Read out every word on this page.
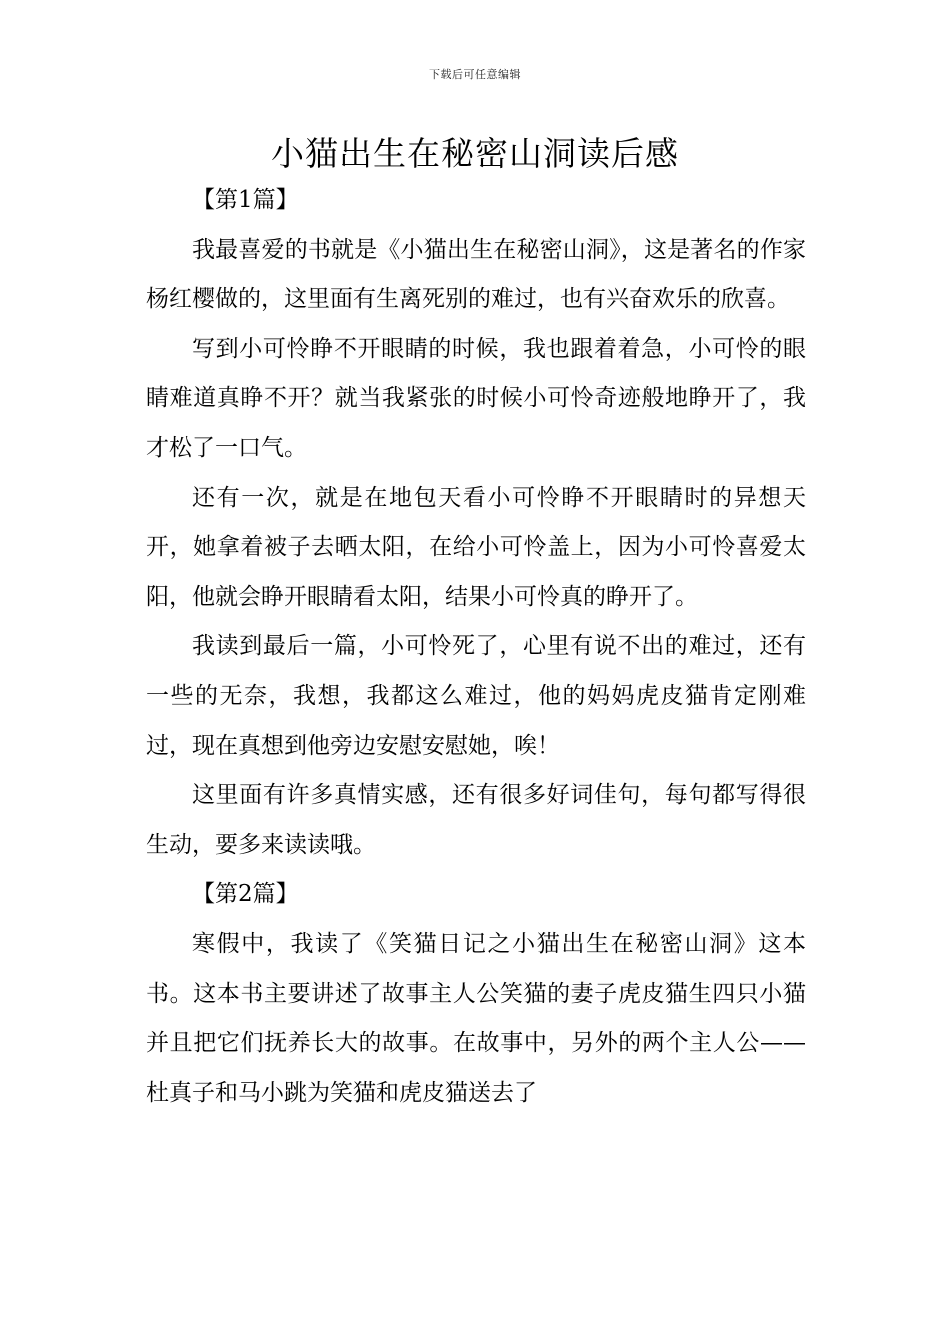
下载后可任意编辑
小猫出生在秘密山洞读后感

【第1篇】

我最喜爱的书就是《小猫出生在秘密山洞》，这是著名的作家杨红樱做的，这里面有生离死别的难过，也有兴奋欢乐的欣喜。

写到小可怜睁不开眼睛的时候，我也跟着着急，小可怜的眼睛难道真睁不开？就当我紧张的时候小可怜奇迹般地睁开了，我才松了一口气。

还有一次，就是在地包天看小可怜睁不开眼睛时的异想天开，她拿着被子去晒太阳，在给小可怜盖上，因为小可怜喜爱太阳，他就会睁开眼睛看太阳，结果小可怜真的睁开了。

我读到最后一篇，小可怜死了，心里有说不出的难过，还有一些的无奈，我想，我都这么难过，他的妈妈虎皮猫肯定刚难过，现在真想到他旁边安慰安慰她，唉！

这里面有许多真情实感，还有很多好词佳句，每句都写得很生动，要多来读读哦。

【第2篇】

寒假中，我读了《笑猫日记之小猫出生在秘密山洞》这本书。这本书主要讲述了故事主人公笑猫的妻子虎皮猫生四只小猫并且把它们抚养长大的故事。在故事中，另外的两个主人公——杜真子和马小跳为笑猫和虎皮猫送去了
